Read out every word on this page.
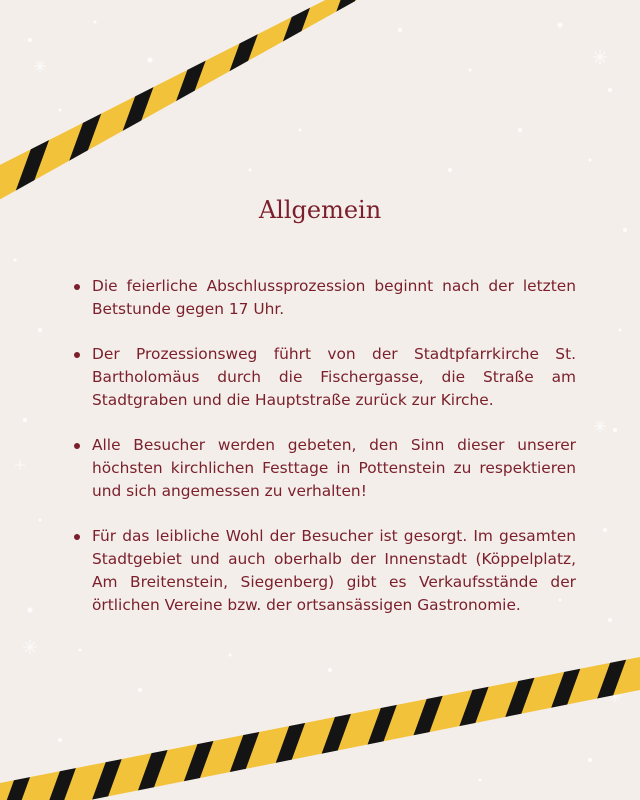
Allgemein
Die feierliche Abschlussprozession beginnt nach der letzten Betstunde gegen 17 Uhr.
Der Prozessionsweg führt von der Stadtpfarrkirche St. Bartholomäus durch die Fischergasse, die Straße am Stadtgraben und die Hauptstraße zurück zur Kirche.
Alle Besucher werden gebeten, den Sinn dieser unserer höchsten kirchlichen Festtage in Pottenstein zu respektieren und sich angemessen zu verhalten!
Für das leibliche Wohl der Besucher ist gesorgt. Im gesamten Stadtgebiet und auch oberhalb der Innenstadt (Köppelplatz, Am Breitenstein, Siegenberg) gibt es Verkaufsstände der örtlichen Vereine bzw. der ortsansässigen Gastronomie.
